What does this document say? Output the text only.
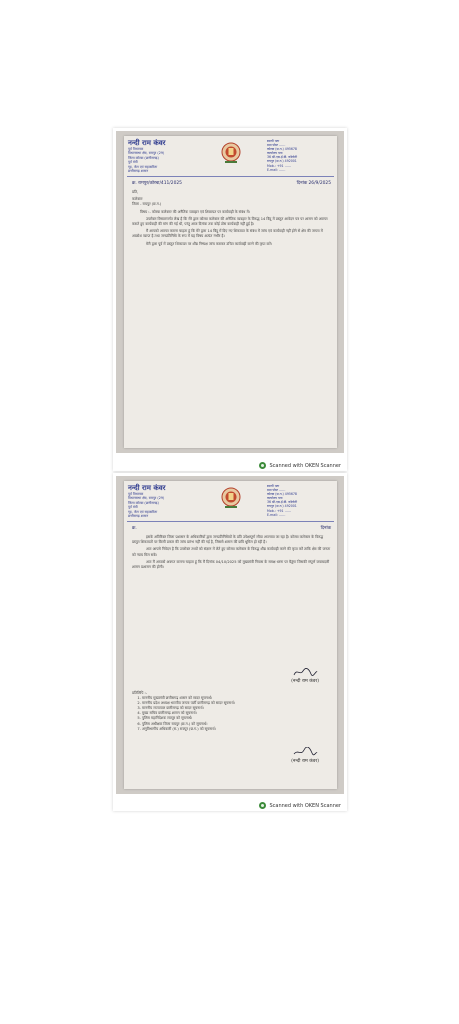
नन्दी राम कंवर
पूर्व विधायक
विधानसभा क्षेत्र, रामपुर (29)
जिला कोरबा (छत्तीसगढ़)
पूर्व मंत्री
गृह, जेल एवं सहकारिता
छत्तीसगढ़ शासन
स्थायी पता
ग्राम पोस्ट ……
कोरबा (छ.ग.) 495678
कार्यालय पता
36 सी.एस.ई.बी. कॉलोनी
रायपुर (छ.ग.) 492001
Mob.: +91 ……
E-mail: ……
क्र. रामपुर/कोरबा/411/2025	दिनांक 26/9/2025

प्रति,

कलेक्टर

जिला - रायपुर (छ.ग.)

विषय :- कोरबा कलेक्टर की अनैतिक व्यवहार एवं शिकायत पर कार्यवाही के संबंध में।

उपरोक्त विषयान्तर्गत लेख है कि मेरे द्वारा कोरबा कलेक्टर की अनैतिक व्यवहार के विरुद्ध 14 बिंदु में प्रस्तुत आवेदन पत्र पर शासन को अवगत कराते हुए कार्यवाही की मांग की गई थी, परंतु आज दिनांक तक कोई ठोस कार्यवाही नहीं हुई है।

मैं आपको अवगत कराना चाहता हूं कि मेरे द्वारा 14 बिंदु में दिए गए शिकायत के संबंध में जांच एवं कार्यवाही नहीं होने से क्षेत्र की जनता में आक्रोश व्याप्त है तथा जनप्रतिनिधि के रूप में यह विषय अत्यंत गंभीर है।

मेरी द्वारा पूर्व में प्रस्तुत शिकायत पर शीघ्र निष्पक्ष जांच कराकर उचित कार्यवाही करने की कृपा करें।

Scanned with OKEN Scanner
नन्दी राम कंवर
पूर्व विधायक
विधानसभा क्षेत्र, रामपुर (29)
जिला कोरबा (छत्तीसगढ़)
पूर्व मंत्री
गृह, जेल एवं सहकारिता
छत्तीसगढ़ शासन
स्थायी पता
ग्राम पोस्ट ……
कोरबा (छ.ग.) 495678
कार्यालय पता
36 सी.एस.ई.बी. कॉलोनी
रायपुर (छ.ग.) 492001
Mob.: +91 ……
E-mail: ……
क्र.	दिनांक

इसके अतिरिक्त जिला प्रशासन के अधिकारियों द्वारा जनप्रतिनिधियों के प्रति उपेक्षापूर्ण रवैया अपनाया जा रहा है। कोरबा कलेक्टर के विरुद्ध प्रस्तुत शिकायतों पर किसी प्रकार की जांच प्रारंभ नहीं की गई है, जिससे शासन की छवि धूमिल हो रही है।

अतः आपसे निवेदन है कि उपरोक्त तथ्यों को संज्ञान में लेते हुए कोरबा कलेक्टर के विरुद्ध शीघ्र कार्यवाही करने की कृपा करें ताकि क्षेत्र की जनता को न्याय मिल सके।

अतः मैं आपको अवगत कराना चाहता हूं कि मैं दिनांक 04/10/2025 को मुख्यमंत्री निवास के समक्ष धरना पर बैठूंगा जिसकी संपूर्ण जवाबदारी शासन प्रशासन की होगी।

(नन्दी राम कंवर)
प्रतिलिपि :-
1. माननीय मुख्यमंत्री छत्तीसगढ़ शासन को सादर सूचनार्थ।
2. माननीय प्रदेश अध्यक्ष भारतीय जनता पार्टी छत्तीसगढ़ को सादर सूचनार्थ।
3. माननीय राज्यपाल छत्तीसगढ़ को सादर सूचनार्थ।
4. मुख्य सचिव छत्तीसगढ़ शासन को सूचनार्थ।
5. पुलिस महानिदेशक रायपुर को सूचनार्थ।
6. पुलिस अधीक्षक जिला रायपुर (छ.ग.) को सूचनार्थ।
7. अनुविभागीय अधिकारी (रा.) रायपुर (छ.ग.) को सूचनार्थ।
(नन्दी राम कंवर)
Scanned with OKEN Scanner
